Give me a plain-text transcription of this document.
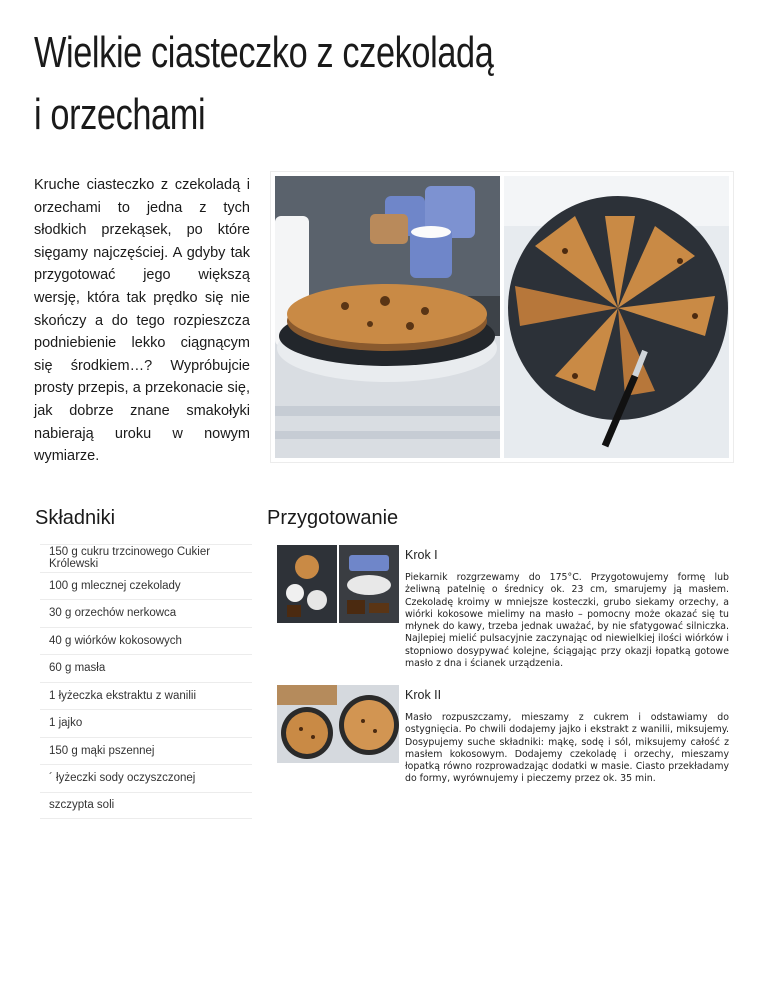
Wielkie ciasteczko z czekoladą
i orzechami

Kruche ciasteczko z czekoladą i orzechami to jedna z tych słodkich przekąsek, po które sięgamy najczęściej. A gdyby tak przygotować jego większą wersję, która tak prędko się nie skończy a do tego rozpieszcza podniebienie lekko ciągnącym się środkiem…? Wypróbujcie prosty przepis, a przekonacie się, jak dobrze znane smakołyki nabierają uroku w nowym wymiarze.

Składniki	Przygotowanie
150 g cukru trzcinowego Cukier Królewski
100 g mlecznej czekolady
30 g orzechów nerkowca
40 g wiórków kokosowych
60 g masła
1 łyżeczka ekstraktu z wanilii
1 jajko
150 g mąki pszennej
´ łyżeczki sody oczyszczonej
szczypta soli

Krok I

Piekarnik rozgrzewamy do 175°C. Przygotowujemy formę lub żeliwną patelnię o średnicy ok. 23 cm, smarujemy ją masłem. Czekoladę kroimy w mniejsze kosteczki, grubo siekamy orzechy, a wiórki kokosowe mielimy na masło – pomocny może okazać się tu młynek do kawy, trzeba jednak uważać, by nie sfatygować silniczka. Najlepiej mielić pulsacyjnie zaczynając od niewielkiej ilości wiórków i stopniowo dosypywać kolejne, ściągając przy okazji łopatką gotowe masło z dna i ścianek urządzenia.

Krok II

Masło rozpuszczamy, mieszamy z cukrem i odstawiamy do ostygnięcia. Po chwili dodajemy jajko i ekstrakt z wanilii, miksujemy. Dosypujemy suche składniki: mąkę, sodę i sól, miksujemy całość z masłem kokosowym. Dodajemy czekoladę i orzechy, mieszamy łopatką równo rozprowadzając dodatki w masie. Ciasto przekładamy do formy, wyrównujemy i pieczemy przez ok. 35 min.
